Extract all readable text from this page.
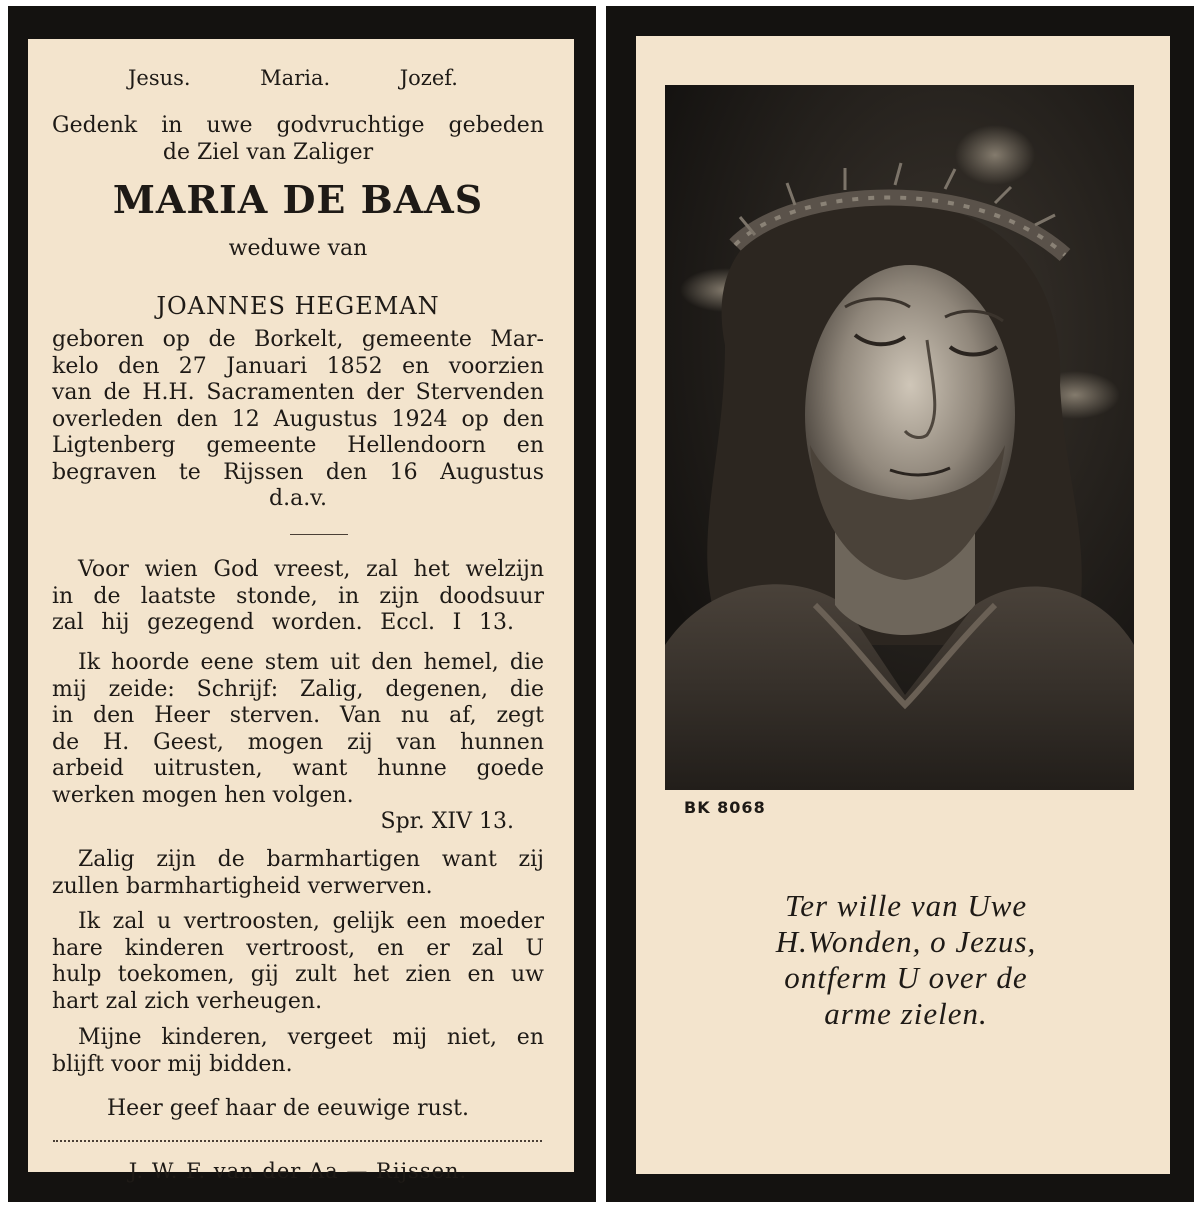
Jesus.	Maria.	Jozef.
Gedenk in uwe godvruchtige gebeden
de Ziel van Zaliger
MARIA DE BAAS
weduwe van
JOANNES HEGEMAN
geboren op de Borkelt, gemeente Mar-
kelo den 27 Januari 1852 en voorzien
van de H.H. Sacramenten der Stervenden
overleden den 12 Augustus 1924 op den
Ligtenberg gemeente Hellendoorn en
begraven te Rijssen den 16 Augustus
d.a.v.
Voor wien God vreest, zal het welzijn
in de laatste stonde, in zijn doodsuur
zal hij gezegend worden. Eccl. I 13.
Ik hoorde eene stem uit den hemel, die
mij zeide: Schrijf: Zalig, degenen, die
in den Heer sterven. Van nu af, zegt
de H. Geest, mogen zij van hunnen
arbeid uitrusten, want hunne goede
werken mogen hen volgen.
Spr. XIV 13.
Zalig zijn de barmhartigen want zij
zullen barmhartigheid verwerven.
Ik zal u vertroosten, gelijk een moeder
hare kinderen vertroost, en er zal U
hulp toekomen, gij zult het zien en uw
hart zal zich verheugen.
Mijne kinderen, vergeet mij niet, en
blijft voor mij bidden.
Heer geef haar de eeuwige rust.
J. W. F. van der Aa — Rijssen.
BK 8068
Ter wille van Uwe
H.Wonden, o Jezus,
ontferm U over de
arme zielen.
